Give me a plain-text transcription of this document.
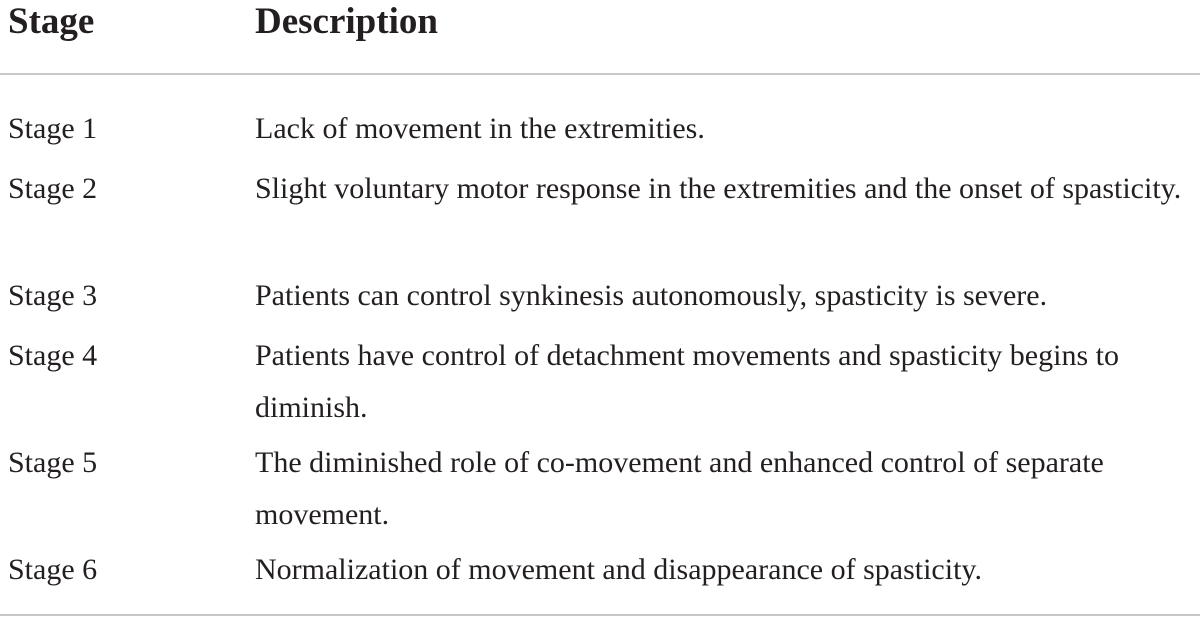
Stage	Description
Stage 1	Lack of movement in the extremities.
Stage 2	Slight voluntary motor response in the extremities and the onset of spasticity.
Stage 3	Patients can control synkinesis autonomously, spasticity is severe.
Stage 4	Patients have control of detachment movements and spasticity begins to diminish.
Stage 5	The diminished role of co-movement and enhanced control of separate movement.
Stage 6	Normalization of movement and disappearance of spasticity.
